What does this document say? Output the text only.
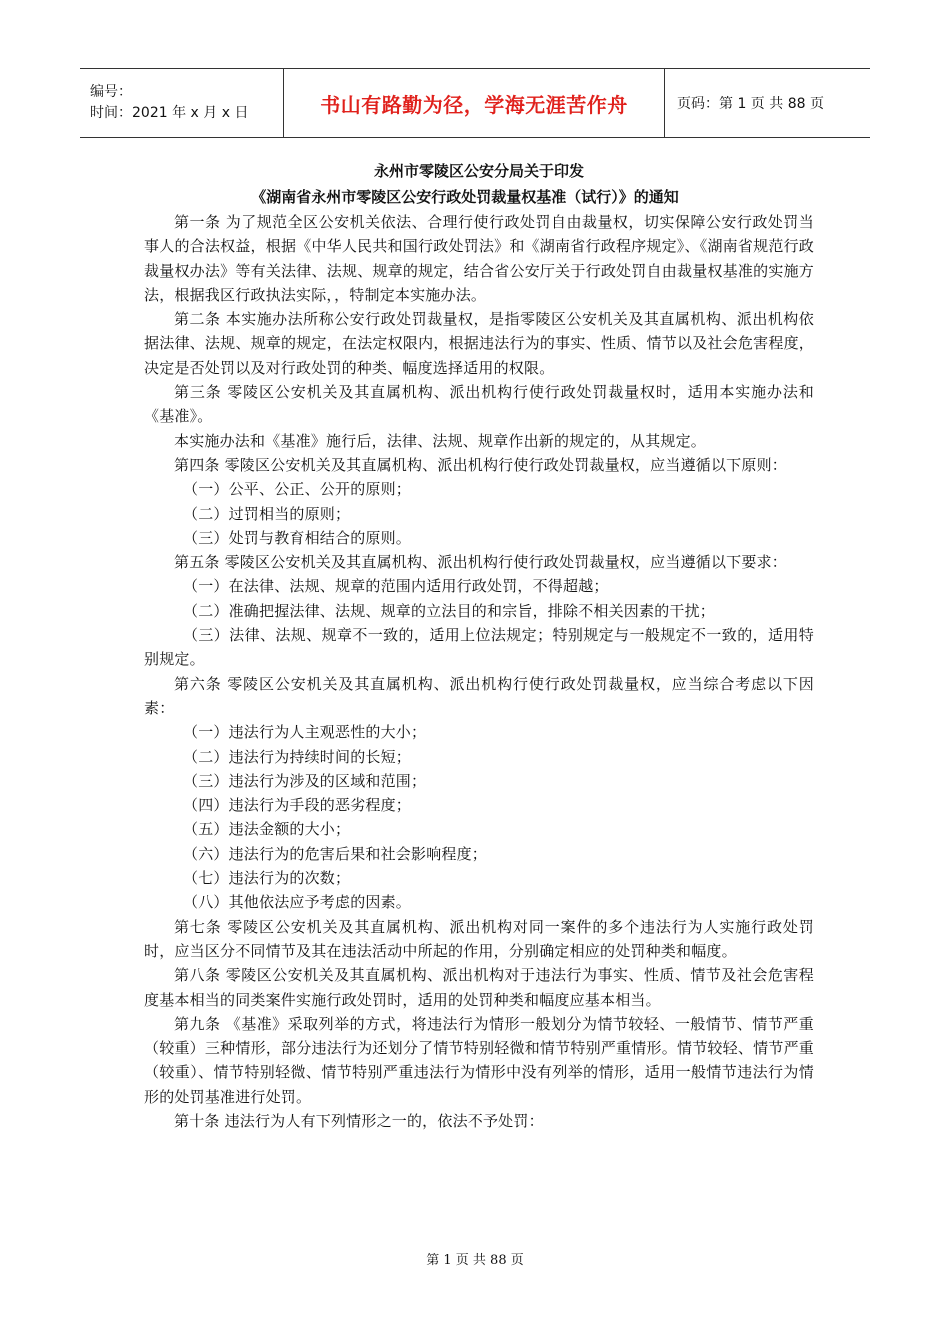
编号：
时间：2021 年 x 月 x 日	书山有路勤为径，学海无涯苦作舟	页码：第 1 页 共 88 页
永州市零陵区公安分局关于印发
《湖南省永州市零陵区公安行政处罚裁量权基准（试行）》的通知
第一条 为了规范全区公安机关依法、合理行使行政处罚自由裁量权，切实保障公安行政处罚当事人的合法权益，根据《中华人民共和国行政处罚法》和《湖南省行政程序规定》、《湖南省规范行政裁量权办法》等有关法律、法规、规章的规定，结合省公安厅关于行政处罚自由裁量权基准的实施方法，根据我区行政执法实际，，特制定本实施办法。
第二条 本实施办法所称公安行政处罚裁量权，是指零陵区公安机关及其直属机构、派出机构依据法律、法规、规章的规定，在法定权限内，根据违法行为的事实、性质、情节以及社会危害程度，决定是否处罚以及对行政处罚的种类、幅度选择适用的权限。
第三条 零陵区公安机关及其直属机构、派出机构行使行政处罚裁量权时，适用本实施办法和《基准》。
本实施办法和《基准》施行后，法律、法规、规章作出新的规定的，从其规定。
第四条 零陵区公安机关及其直属机构、派出机构行使行政处罚裁量权，应当遵循以下原则：
（一）公平、公正、公开的原则；
（二）过罚相当的原则；
（三）处罚与教育相结合的原则。
第五条 零陵区公安机关及其直属机构、派出机构行使行政处罚裁量权，应当遵循以下要求：
（一）在法律、法规、规章的范围内适用行政处罚，不得超越；
（二）准确把握法律、法规、规章的立法目的和宗旨，排除不相关因素的干扰；
（三）法律、法规、规章不一致的，适用上位法规定；特别规定与一般规定不一致的，适用特别规定。
第六条 零陵区公安机关及其直属机构、派出机构行使行政处罚裁量权，应当综合考虑以下因素：
（一）违法行为人主观恶性的大小；
（二）违法行为持续时间的长短；
（三）违法行为涉及的区域和范围；
（四）违法行为手段的恶劣程度；
（五）违法金额的大小；
（六）违法行为的危害后果和社会影响程度；
（七）违法行为的次数；
（八）其他依法应予考虑的因素。
第七条 零陵区公安机关及其直属机构、派出机构对同一案件的多个违法行为人实施行政处罚时，应当区分不同情节及其在违法活动中所起的作用，分别确定相应的处罚种类和幅度。
第八条 零陵区公安机关及其直属机构、派出机构对于违法行为事实、性质、情节及社会危害程度基本相当的同类案件实施行政处罚时，适用的处罚种类和幅度应基本相当。
第九条 《基准》采取列举的方式，将违法行为情形一般划分为情节较轻、一般情节、情节严重（较重）三种情形，部分违法行为还划分了情节特别轻微和情节特别严重情形。情节较轻、情节严重（较重）、情节特别轻微、情节特别严重违法行为情形中没有列举的情形，适用一般情节违法行为情形的处罚基准进行处罚。
第十条 违法行为人有下列情形之一的，依法不予处罚：
第 1 页 共 88 页
